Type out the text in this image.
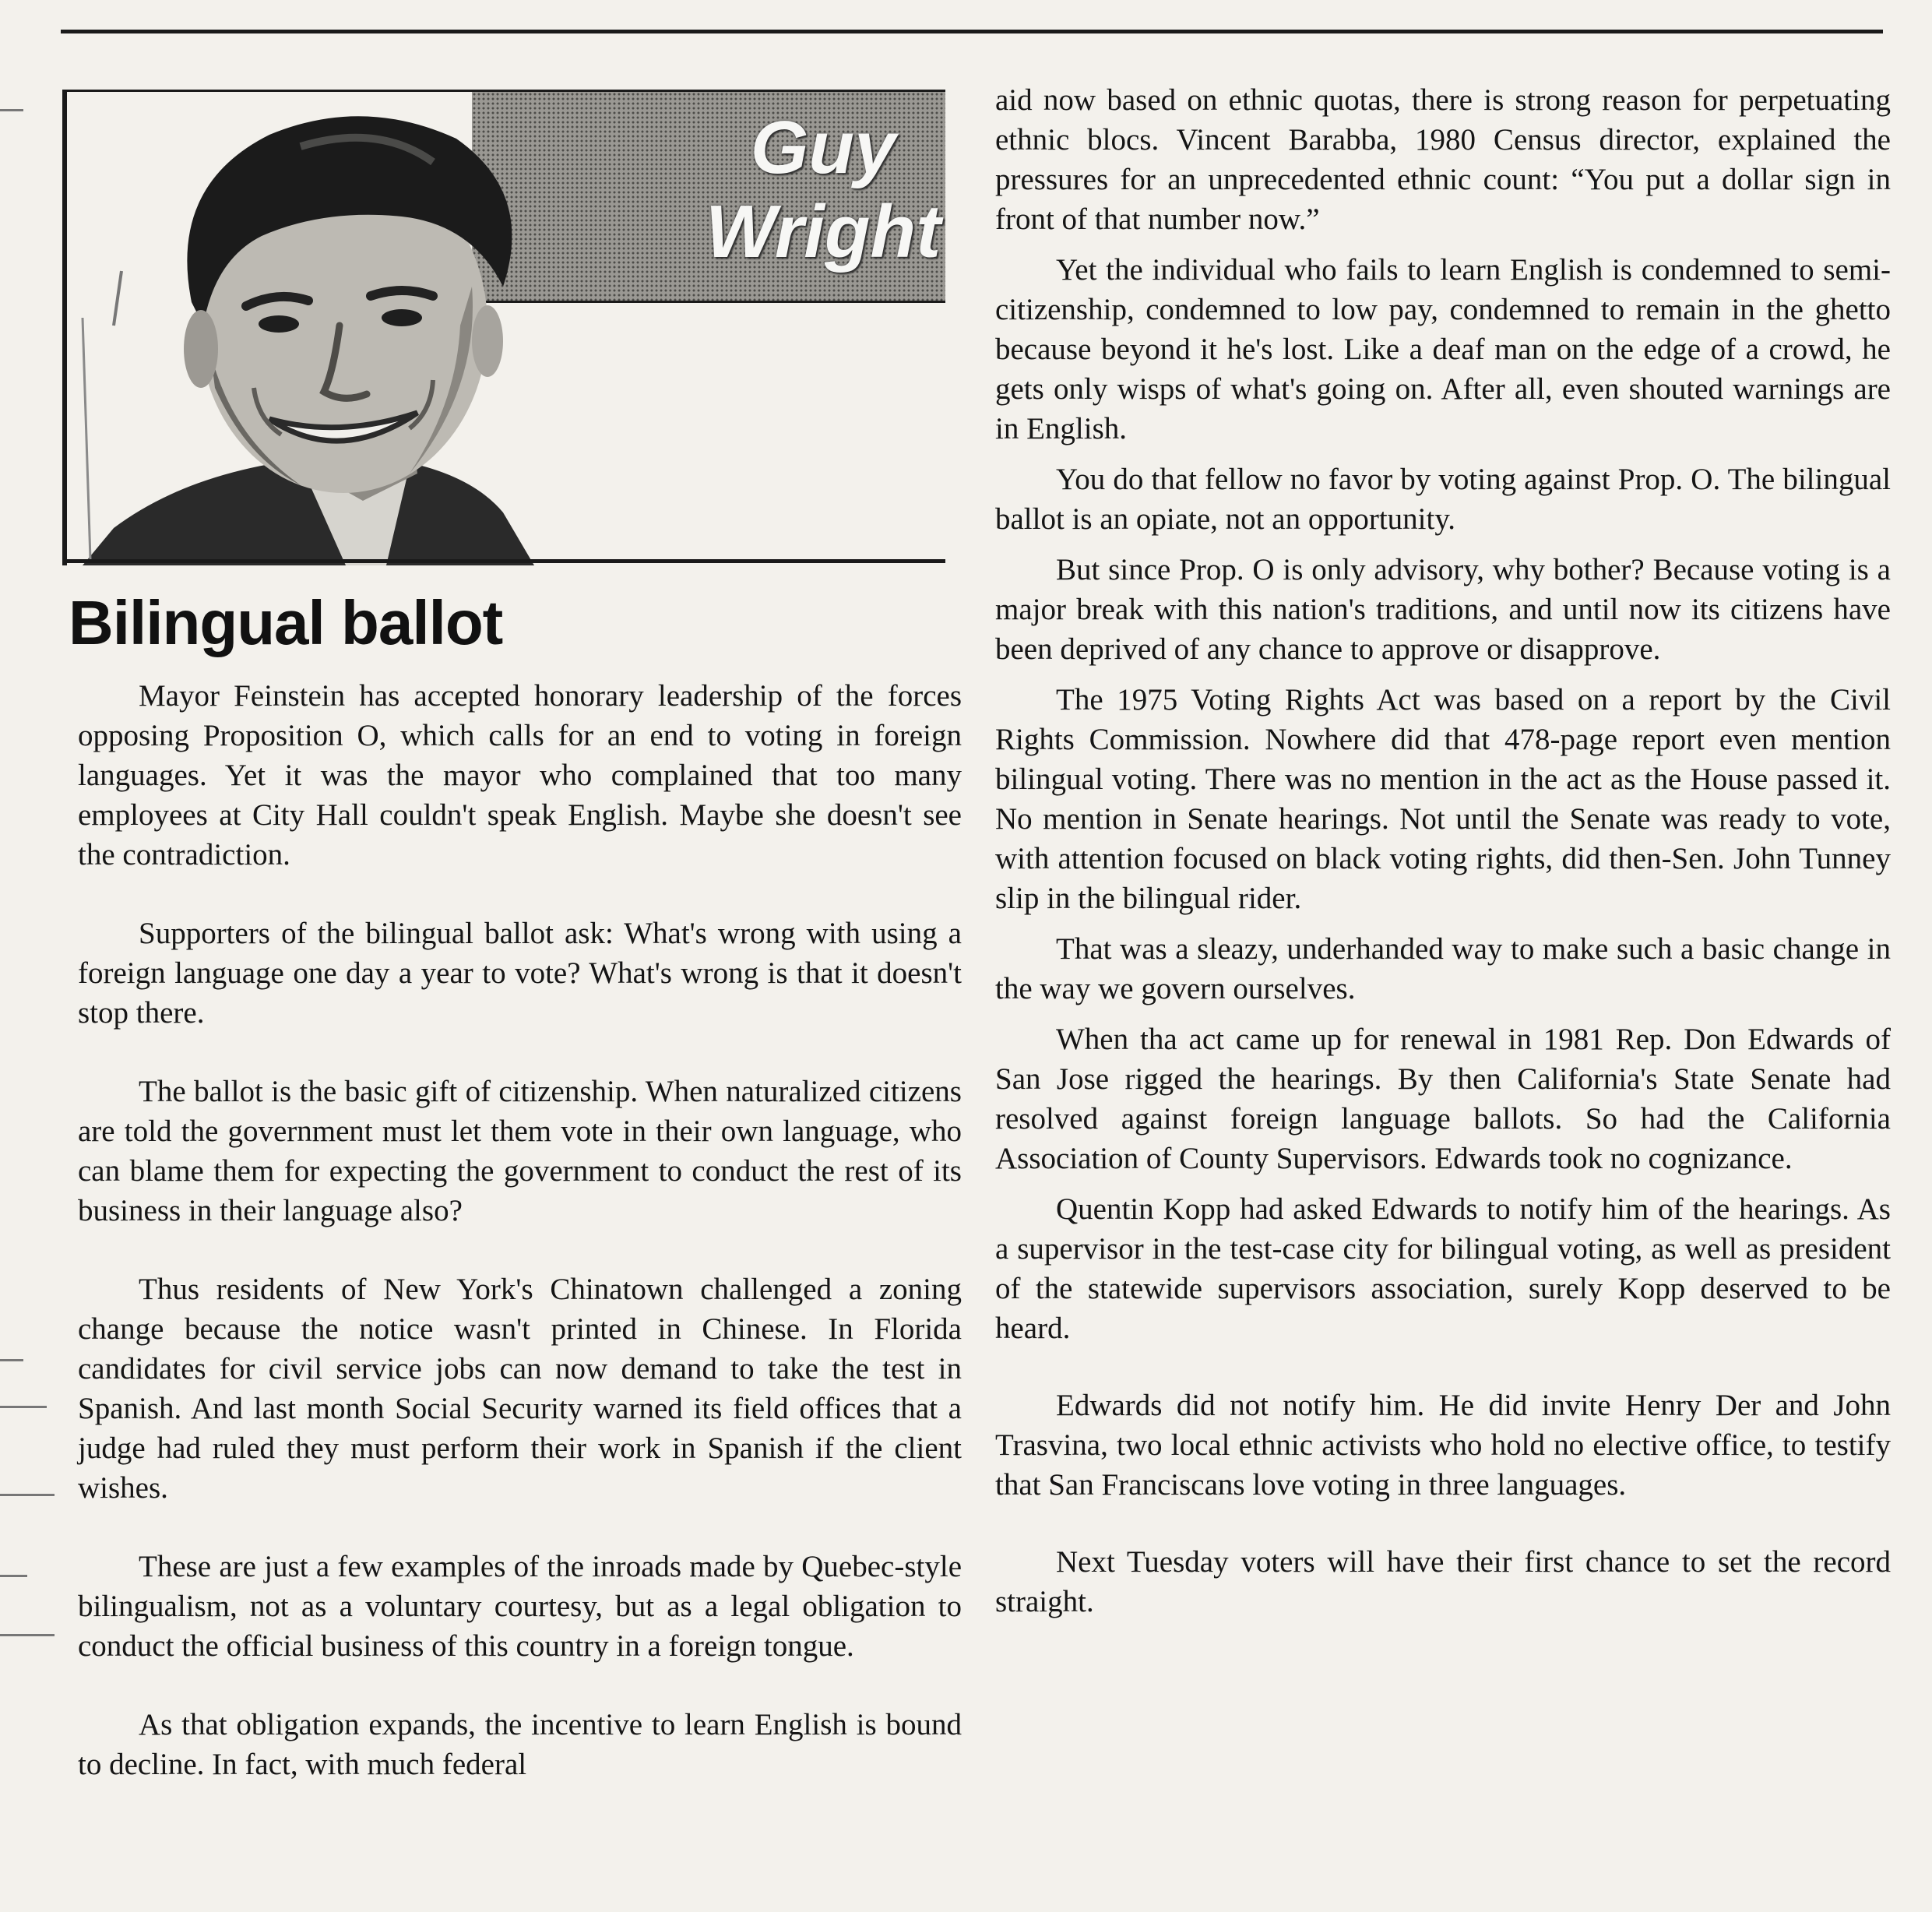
Guy
Wright
Bilingual ballot

Mayor Feinstein has accepted honorary leadership of the forces opposing Proposition O, which calls for an end to voting in foreign languages. Yet it was the mayor who complained that too many employees at City Hall couldn't speak English. Maybe she doesn't see the contradiction.

Supporters of the bilingual ballot ask: What's wrong with using a foreign language one day a year to vote? What's wrong is that it doesn't stop there.

The ballot is the basic gift of citizenship. When naturalized citizens are told the government must let them vote in their own language, who can blame them for expecting the government to conduct the rest of its business in their language also?

Thus residents of New York's Chinatown challenged a zoning change because the notice wasn't printed in Chinese. In Florida candidates for civil service jobs can now demand to take the test in Spanish. And last month Social Security warned its field offices that a judge had ruled they must perform their work in Spanish if the client wishes.

These are just a few examples of the inroads made by Quebec-style bilingualism, not as a voluntary courtesy, but as a legal obligation to conduct the official business of this country in a foreign tongue.

As that obligation expands, the incentive to learn English is bound to decline. In fact, with much federal

aid now based on ethnic quotas, there is strong reason for perpetuating ethnic blocs. Vincent Barabba, 1980 Census director, explained the pressures for an unprecedented ethnic count: “You put a dollar sign in front of that number now.”

Yet the individual who fails to learn English is condemned to semi-citizenship, condemned to low pay, condemned to remain in the ghetto because beyond it he's lost. Like a deaf man on the edge of a crowd, he gets only wisps of what's going on. After all, even shouted warnings are in English.

You do that fellow no favor by voting against Prop. O. The bilingual ballot is an opiate, not an opportunity.

But since Prop. O is only advisory, why bother? Because voting is a major break with this nation's traditions, and until now its citizens have been deprived of any chance to approve or disapprove.

The 1975 Voting Rights Act was based on a report by the Civil Rights Commission. Nowhere did that 478-page report even mention bilingual voting. There was no mention in the act as the House passed it. No mention in Senate hearings. Not until the Senate was ready to vote, with attention focused on black voting rights, did then-Sen. John Tunney slip in the bilingual rider.

That was a sleazy, underhanded way to make such a basic change in the way we govern ourselves.

When tha act came up for renewal in 1981 Rep. Don Edwards of San Jose rigged the hearings. By then California's State Senate had resolved against foreign language ballots. So had the California Association of County Supervisors. Edwards took no cognizance.

Quentin Kopp had asked Edwards to notify him of the hearings. As a supervisor in the test-case city for bilingual voting, as well as president of the statewide supervisors association, surely Kopp deserved to be heard.

Edwards did not notify him. He did invite Henry Der and John Trasvina, two local ethnic activists who hold no elective office, to testify that San Franciscans love voting in three languages.

Next Tuesday voters will have their first chance to set the record straight.
